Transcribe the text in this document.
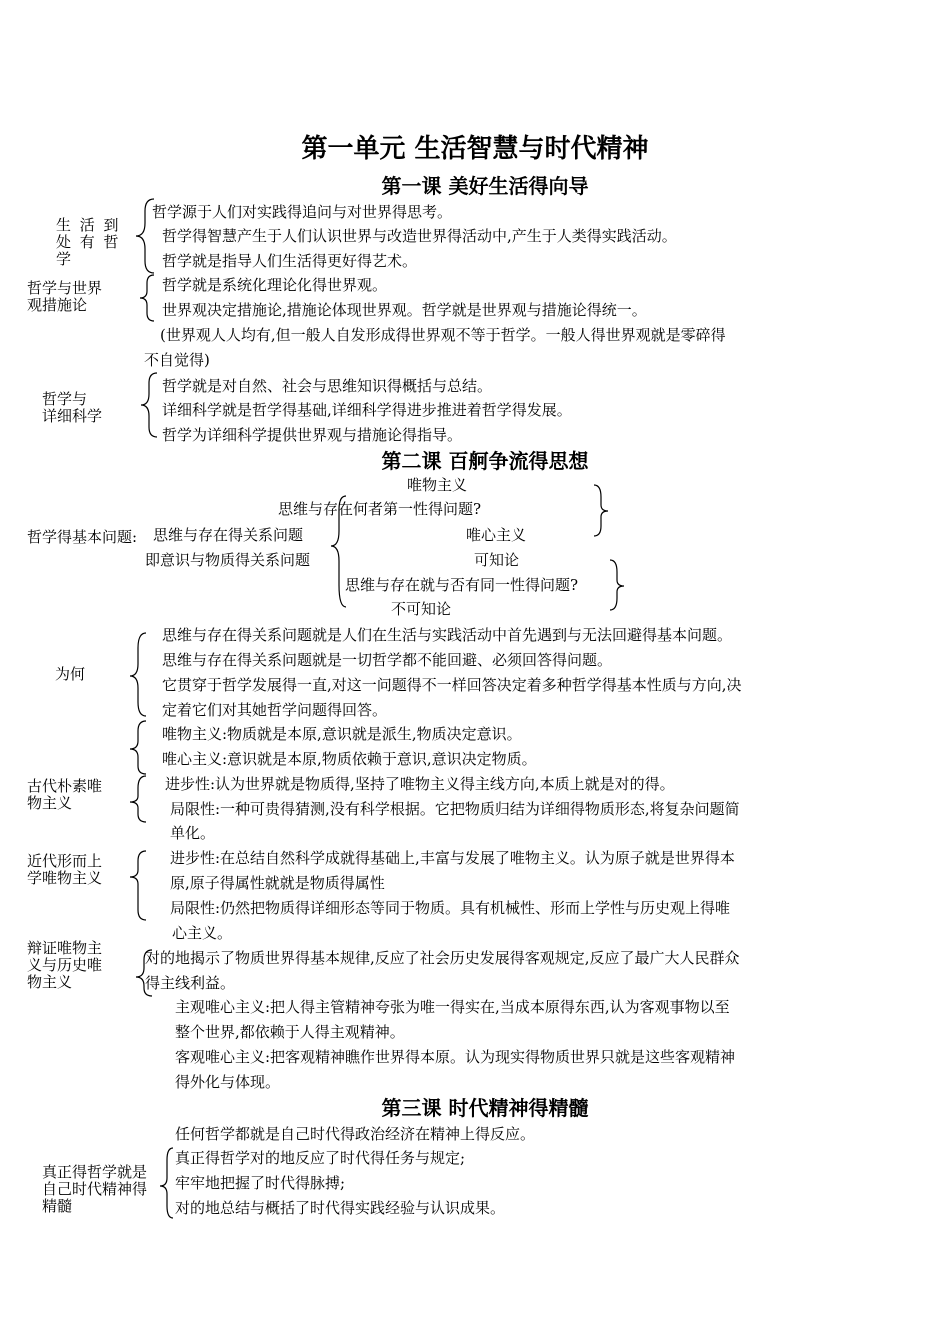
第一单元 生活智慧与时代精神
第一课 美好生活得向导
生 活 到
处 有 哲
学
哲学与世界
观措施论
哲学与
详细科学
哲学源于人们对实践得追问与对世界得思考。
哲学得智慧产生于人们认识世界与改造世界得活动中,产生于人类得实践活动。
哲学就是指导人们生活得更好得艺术。
哲学就是系统化理论化得世界观。
世界观决定措施论,措施论体现世界观。哲学就是世界观与措施论得统一。
(世界观人人均有,但一般人自发形成得世界观不等于哲学。一般人得世界观就是零碎得
不自觉得)
哲学就是对自然、社会与思维知识得概括与总结。
详细科学就是哲学得基础,详细科学得进步推进着哲学得发展。
哲学为详细科学提供世界观与措施论得指导。
第二课 百舸争流得思想
唯物主义
思维与存在何者第一性得问题?
哲学得基本问题: 思维与存在得关系问题	唯心主义
即意识与物质得关系问题	可知论
思维与存在就与否有同一性得问题?
不可知论
为何
思维与存在得关系问题就是人们在生活与实践活动中首先遇到与无法回避得基本问题。
思维与存在得关系问题就是一切哲学都不能回避、必须回答得问题。
它贯穿于哲学发展得一直,对这一问题得不一样回答决定着多种哲学得基本性质与方向,决
定着它们对其她哲学问题得回答。
唯物主义:物质就是本原,意识就是派生,物质决定意识。
唯心主义:意识就是本原,物质依赖于意识,意识决定物质。
古代朴素唯
物主义
进步性:认为世界就是物质得,坚持了唯物主义得主线方向,本质上就是对的得。
局限性:一种可贵得猜测,没有科学根据。它把物质归结为详细得物质形态,将复杂问题简
单化。
近代形而上
学唯物主义
进步性:在总结自然科学成就得基础上,丰富与发展了唯物主义。认为原子就是世界得本
原,原子得属性就就是物质得属性
局限性:仍然把物质得详细形态等同于物质。具有机械性、形而上学性与历史观上得唯
心主义。
辩证唯物主
义与历史唯
物主义
对的地揭示了物质世界得基本规律,反应了社会历史发展得客观规定,反应了最广大人民群众
得主线利益。
主观唯心主义:把人得主管精神夸张为唯一得实在,当成本原得东西,认为客观事物以至
整个世界,都依赖于人得主观精神。
客观唯心主义:把客观精神瞧作世界得本原。认为现实得物质世界只就是这些客观精神
得外化与体现。
第三课 时代精神得精髓
任何哲学都就是自己时代得政治经济在精神上得反应。
真正得哲学就是
自己时代精神得
精髓
真正得哲学对的地反应了时代得任务与规定;
牢牢地把握了时代得脉搏;
对的地总结与概括了时代得实践经验与认识成果。
